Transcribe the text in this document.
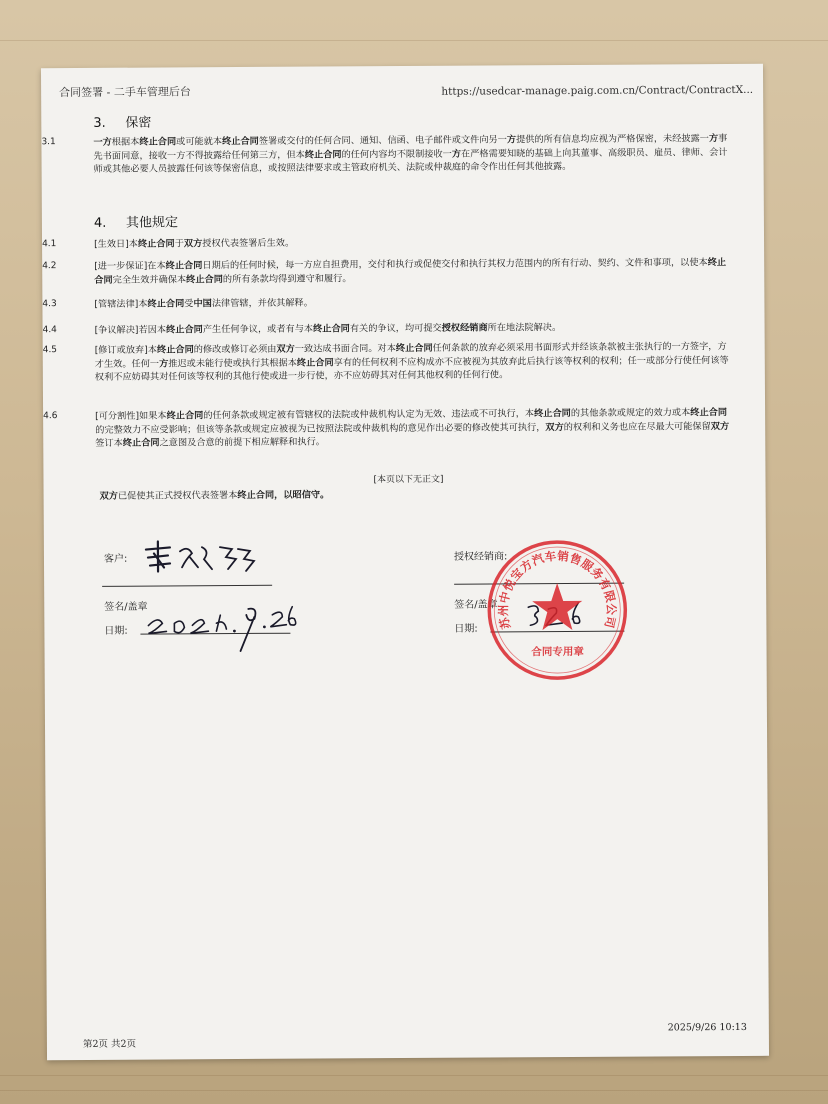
合同签署 - 二手车管理后台	https://usedcar-manage.paig.com.cn/Contract/ContractX...
3. 保密
3.1	一方根据本终止合同或可能就本终止合同签署或交付的任何合同、通知、信函、电子邮件或文件向另一方提供的所有信息均应视为严格保密，未经披露一方事先书面同意，接收一方不得披露给任何第三方，但本终止合同的任何内容均不限制接收一方在严格需要知晓的基础上向其董事、高级职员、雇员、律师、会计师或其他必要人员披露任何该等保密信息，或按照法律要求或主管政府机关、法院或仲裁庭的命令作出任何其他披露。
4. 其他规定
4.1	[生效日]本终止合同于双方授权代表签署后生效。
4.2	[进一步保证]在本终止合同日期后的任何时候，每一方应自担费用，交付和执行或促使交付和执行其权力范围内的所有行动、契约、文件和事项，以使本终止合同完全生效并确保本终止合同的所有条款均得到遵守和履行。
4.3	[管辖法律]本终止合同受中国法律管辖，并依其解释。
4.4	[争议解决]若因本终止合同产生任何争议，或者有与本终止合同有关的争议，均可提交授权经销商所在地法院解决。
4.5	[修订或放弃]本终止合同的修改或修订必须由双方一致达成书面合同。对本终止合同任何条款的放弃必须采用书面形式并经该条款被主张执行的一方签字，方才生效。任何一方推迟或未能行使或执行其根据本终止合同享有的任何权利不应构成亦不应被视为其放弃此后执行该等权利的权利；任一或部分行使任何该等权利不应妨碍其对任何该等权利的其他行使或进一步行使，亦不应妨碍其对任何其他权利的任何行使。
4.6	[可分割性]如果本终止合同的任何条款或规定被有管辖权的法院或仲裁机构认定为无效、违法或不可执行，本终止合同的其他条款或规定的效力或本终止合同的完整效力不应受影响；但该等条款或规定应被视为已按照法院或仲裁机构的意见作出必要的修改使其可执行，双方的权利和义务也应在尽最大可能保留双方签订本终止合同之意图及合意的前提下相应解释和执行。
[本页以下无正文]
双方已促使其正式授权代表签署本终止合同，以昭信守。
客户:
签名/盖章
日期:
授权经销商:
签名/盖章
日期: 苏州中悦宝方汽车销售服务有限公司
合同专用章
第2页 共2页
2025/9/26 10:13
